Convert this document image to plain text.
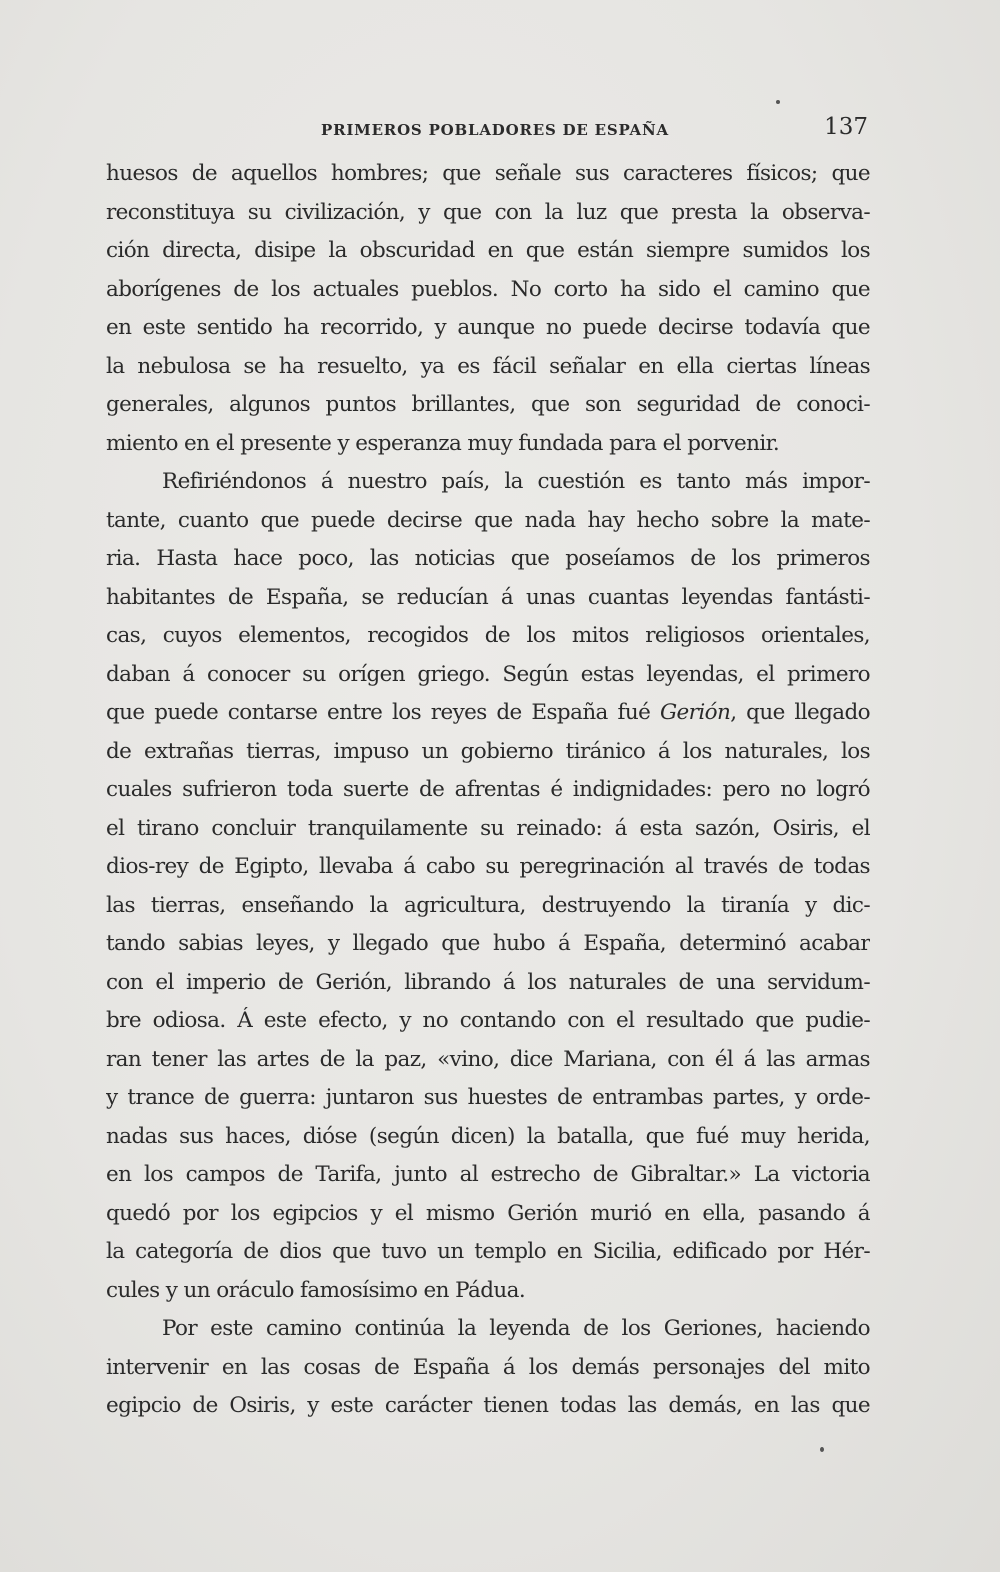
PRIMEROS POBLADORES DE ESPAÑA	137
huesos de aquellos hombres; que señale sus caracteres físicos; que
reconstituya su civilización, y que con la luz que presta la observa-
ción directa, disipe la obscuridad en que están siempre sumidos los
aborígenes de los actuales pueblos. No corto ha sido el camino que
en este sentido ha recorrido, y aunque no puede decirse todavía que
la nebulosa se ha resuelto, ya es fácil señalar en ella ciertas líneas
generales, algunos puntos brillantes, que son seguridad de conoci-
miento en el presente y esperanza muy fundada para el porvenir.
Refiriéndonos á nuestro país, la cuestión es tanto más impor-
tante, cuanto que puede decirse que nada hay hecho sobre la mate-
ria. Hasta hace poco, las noticias que poseíamos de los primeros
habitantes de España, se reducían á unas cuantas leyendas fantásti-
cas, cuyos elementos, recogidos de los mitos religiosos orientales,
daban á conocer su orígen griego. Según estas leyendas, el primero
que puede contarse entre los reyes de España fué Gerión, que llegado
de extrañas tierras, impuso un gobierno tiránico á los naturales, los
cuales sufrieron toda suerte de afrentas é indignidades: pero no logró
el tirano concluir tranquilamente su reinado: á esta sazón, Osiris, el
dios-rey de Egipto, llevaba á cabo su peregrinación al través de todas
las tierras, enseñando la agricultura, destruyendo la tiranía y dic-
tando sabias leyes, y llegado que hubo á España, determinó acabar
con el imperio de Gerión, librando á los naturales de una servidum-
bre odiosa. Á este efecto, y no contando con el resultado que pudie-
ran tener las artes de la paz, «vino, dice Mariana, con él á las armas
y trance de guerra: juntaron sus huestes de entrambas partes, y orde-
nadas sus haces, dióse (según dicen) la batalla, que fué muy herida,
en los campos de Tarifa, junto al estrecho de Gibraltar.» La victoria
quedó por los egipcios y el mismo Gerión murió en ella, pasando á
la categoría de dios que tuvo un templo en Sicilia, edificado por Hér-
cules y un oráculo famosísimo en Pádua.
Por este camino continúa la leyenda de los Geriones, haciendo
intervenir en las cosas de España á los demás personajes del mito
egipcio de Osiris, y este carácter tienen todas las demás, en las que
